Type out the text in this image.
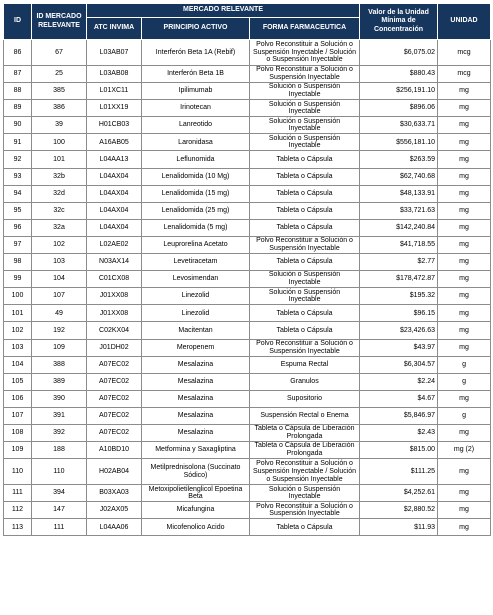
ID	ID MERCADO RELEVANTE	MERCADO RELEVANTE			Valor de la Unidad Mínima de Concentración	UNIDAD
		ATC INVIMA	PRINCIPIO ACTIVO	FORMA FARMACEUTICA		
86	67	L03AB07	Interferón Beta 1A (Rebif)	Polvo Reconstituir a Solución o Suspensión Inyectable / Solución o Suspensión Inyectable	$6,075.02	mcg
87	25	L03AB08	Interferón Beta 1B	Polvo Reconstituir a Solución o Suspensión Inyectable	$880.43	mcg
88	385	L01XC11	Ipilimumab	Solución o Suspensión Inyectable	$256,191.10	mg
89	386	L01XX19	Irinotecan	Solución o Suspensión Inyectable	$896.06	mg
90	39	H01CB03	Lanreotido	Solución o Suspensión Inyectable	$30,633.71	mg
91	100	A16AB05	Laronidasa	Solución o Suspensión Inyectable	$556,181.10	mg
92	101	L04AA13	Leflunomida	Tableta o Cápsula	$263.59	mg
93	32b	L04AX04	Lenalidomida (10 Mg)	Tableta o Cápsula	$62,740.68	mg
94	32d	L04AX04	Lenalidomida (15 mg)	Tableta o Cápsula	$48,133.91	mg
95	32c	L04AX04	Lenalidomida (25 mg)	Tableta o Cápsula	$33,721.63	mg
96	32a	L04AX04	Lenalidomida (5 mg)	Tableta o Cápsula	$142,240.84	mg
97	102	L02AE02	Leuprorelina Acetato	Polvo Reconstituir a Solución o Suspensión Inyectable	$41,718.55	mg
98	103	N03AX14	Levetiracetam	Tableta o Cápsula	$2.77	mg
99	104	C01CX08	Levosimendan	Solución o Suspensión Inyectable	$178,472.87	mg
100	107	J01XX08	Linezolid	Solución o Suspensión Inyectable	$195.32	mg
101	49	J01XX08	Linezolid	Tableta o Cápsula	$96.15	mg
102	192	C02KX04	Macitentan	Tableta o Cápsula	$23,426.63	mg
103	109	J01DH02	Meropenem	Polvo Reconstituir a Solución o Suspensión Inyectable	$43.97	mg
104	388	A07EC02	Mesalazina	Espuma Rectal	$6,304.57	g
105	389	A07EC02	Mesalazina	Granulos	$2.24	g
106	390	A07EC02	Mesalazina	Supositorio	$4.67	mg
107	391	A07EC02	Mesalazina	Suspensión Rectal o Enema	$5,846.97	g
108	392	A07EC02	Mesalazina	Tableta o Cápsula de Liberación Prolongada	$2.43	mg
109	188	A10BD10	Metformina y Saxagliptina	Tableta o Cápsula de Liberación Prolongada	$815.00	mg (2)
110	110	H02AB04	Metilprednisolona (Succinato Sódico)	Polvo Reconstituir a Solución o Suspensión Inyectable / Solución o Suspensión Inyectable	$111.25	mg
111	394	B03XA03	Metoxipolietilenglicol Epoetina Beta	Solución o Suspensión Inyectable	$4,252.61	mg
112	147	J02AX05	Micafungina	Polvo Reconstituir a Solución o Suspensión Inyectable	$2,880.52	mg
113	111	L04AA06	Micofenolico Acido	Tableta o Cápsula	$11.93	mg
